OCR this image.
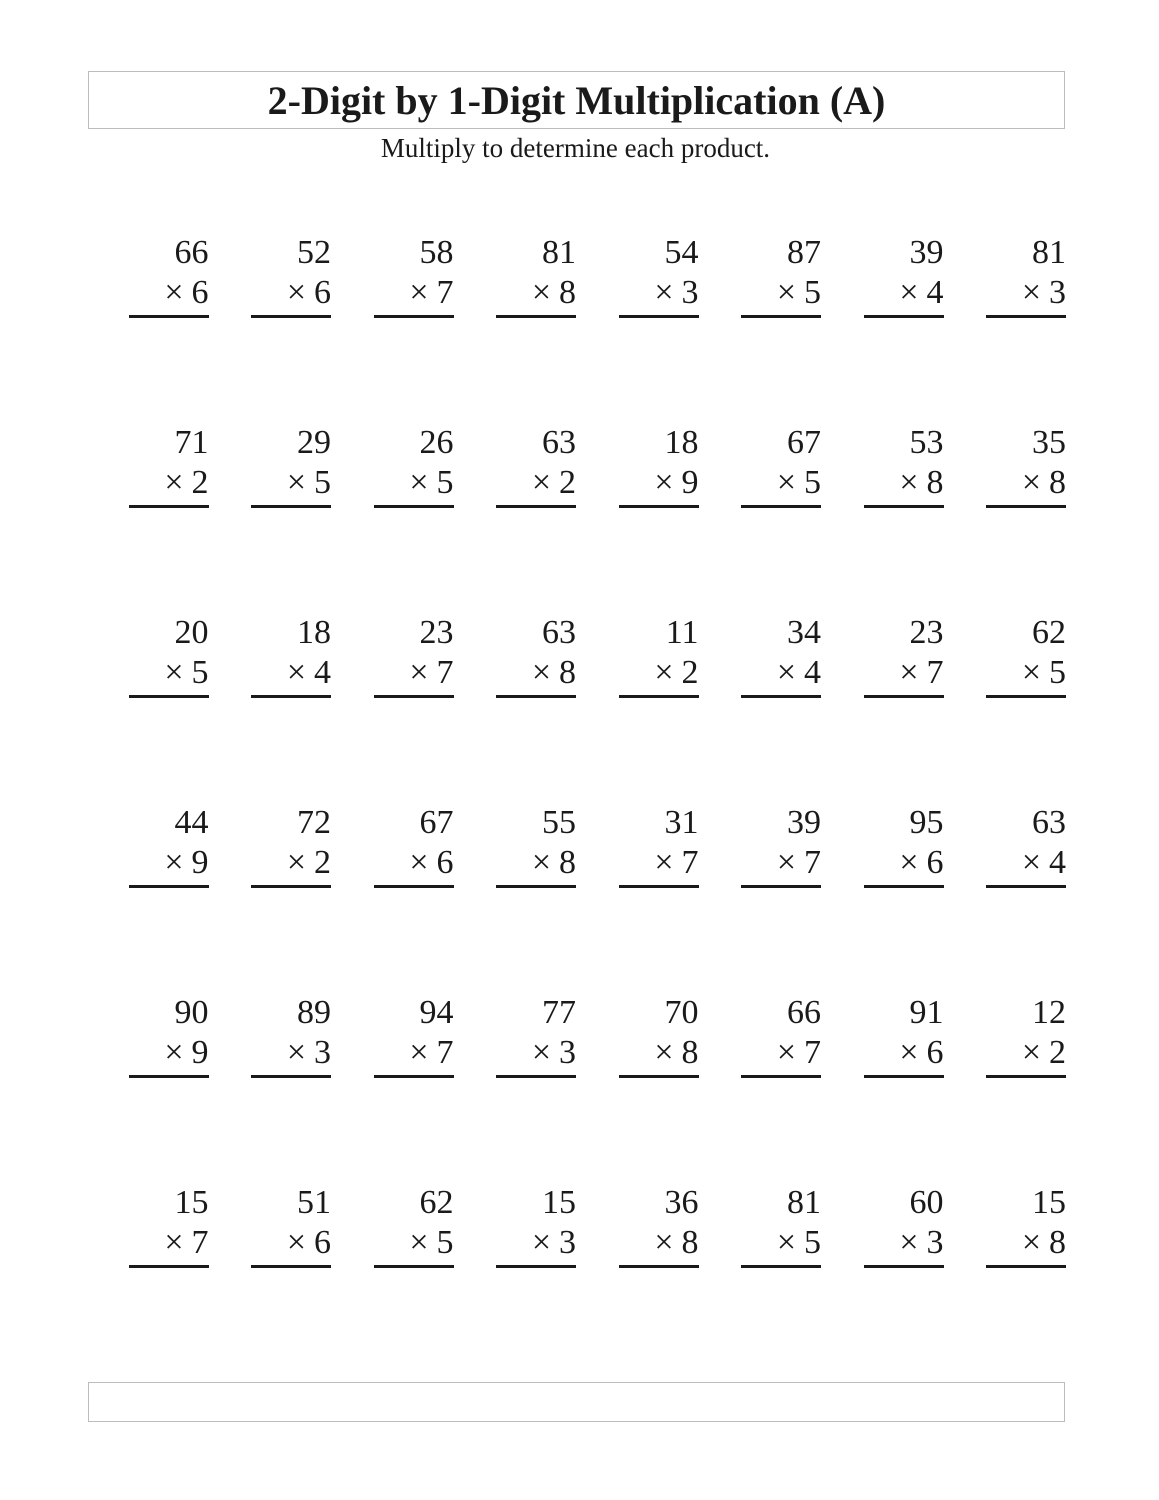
2-Digit by 1-Digit Multiplication (A)
Multiply to determine each product.
66
× 6
52
× 6
58
× 7
81
× 8
54
× 3
87
× 5
39
× 4
81
× 3
71
× 2
29
× 5
26
× 5
63
× 2
18
× 9
67
× 5
53
× 8
35
× 8
20
× 5
18
× 4
23
× 7
63
× 8
11
× 2
34
× 4
23
× 7
62
× 5
44
× 9
72
× 2
67
× 6
55
× 8
31
× 7
39
× 7
95
× 6
63
× 4
90
× 9
89
× 3
94
× 7
77
× 3
70
× 8
66
× 7
91
× 6
12
× 2
15
× 7
51
× 6
62
× 5
15
× 3
36
× 8
81
× 5
60
× 3
15
× 8
